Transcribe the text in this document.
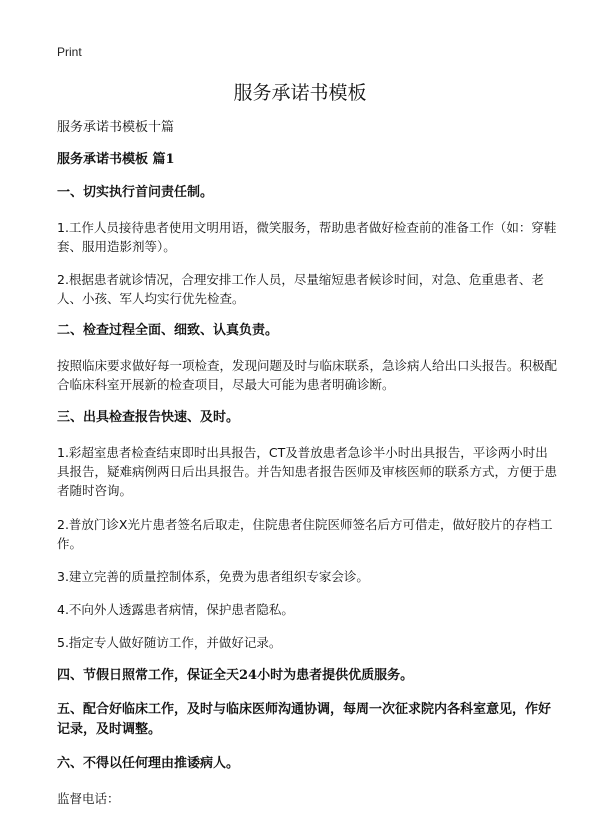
Print
服务承诺书模板

服务承诺书模板十篇

服务承诺书模板 篇1

一、切实执行首问责任制。

1.工作人员接待患者使用文明用语，微笑服务，帮助患者做好检查前的准备工作（如：穿鞋套、服用造影剂等）。

2.根据患者就诊情况，合理安排工作人员，尽量缩短患者候诊时间，对急、危重患者、老人、小孩、军人均实行优先检查。

二、检查过程全面、细致、认真负责。

按照临床要求做好每一项检查，发现问题及时与临床联系，急诊病人给出口头报告。积极配合临床科室开展新的检查项目，尽最大可能为患者明确诊断。

三、出具检查报告快速、及时。

1.彩超室患者检查结束即时出具报告，CT及普放患者急诊半小时出具报告，平诊两小时出具报告，疑难病例两日后出具报告。并告知患者报告医师及审核医师的联系方式，方便于患者随时咨询。

2.普放门诊X光片患者签名后取走，住院患者住院医师签名后方可借走，做好胶片的存档工作。

3.建立完善的质量控制体系，免费为患者组织专家会诊。

4.不向外人透露患者病情，保护患者隐私。

5.指定专人做好随访工作，并做好记录。

四、节假日照常工作，保证全天24小时为患者提供优质服务。

五、配合好临床工作，及时与临床医师沟通协调，每周一次征求院内各科室意见，作好记录，及时调整。

六、不得以任何理由推诿病人。

监督电话：
